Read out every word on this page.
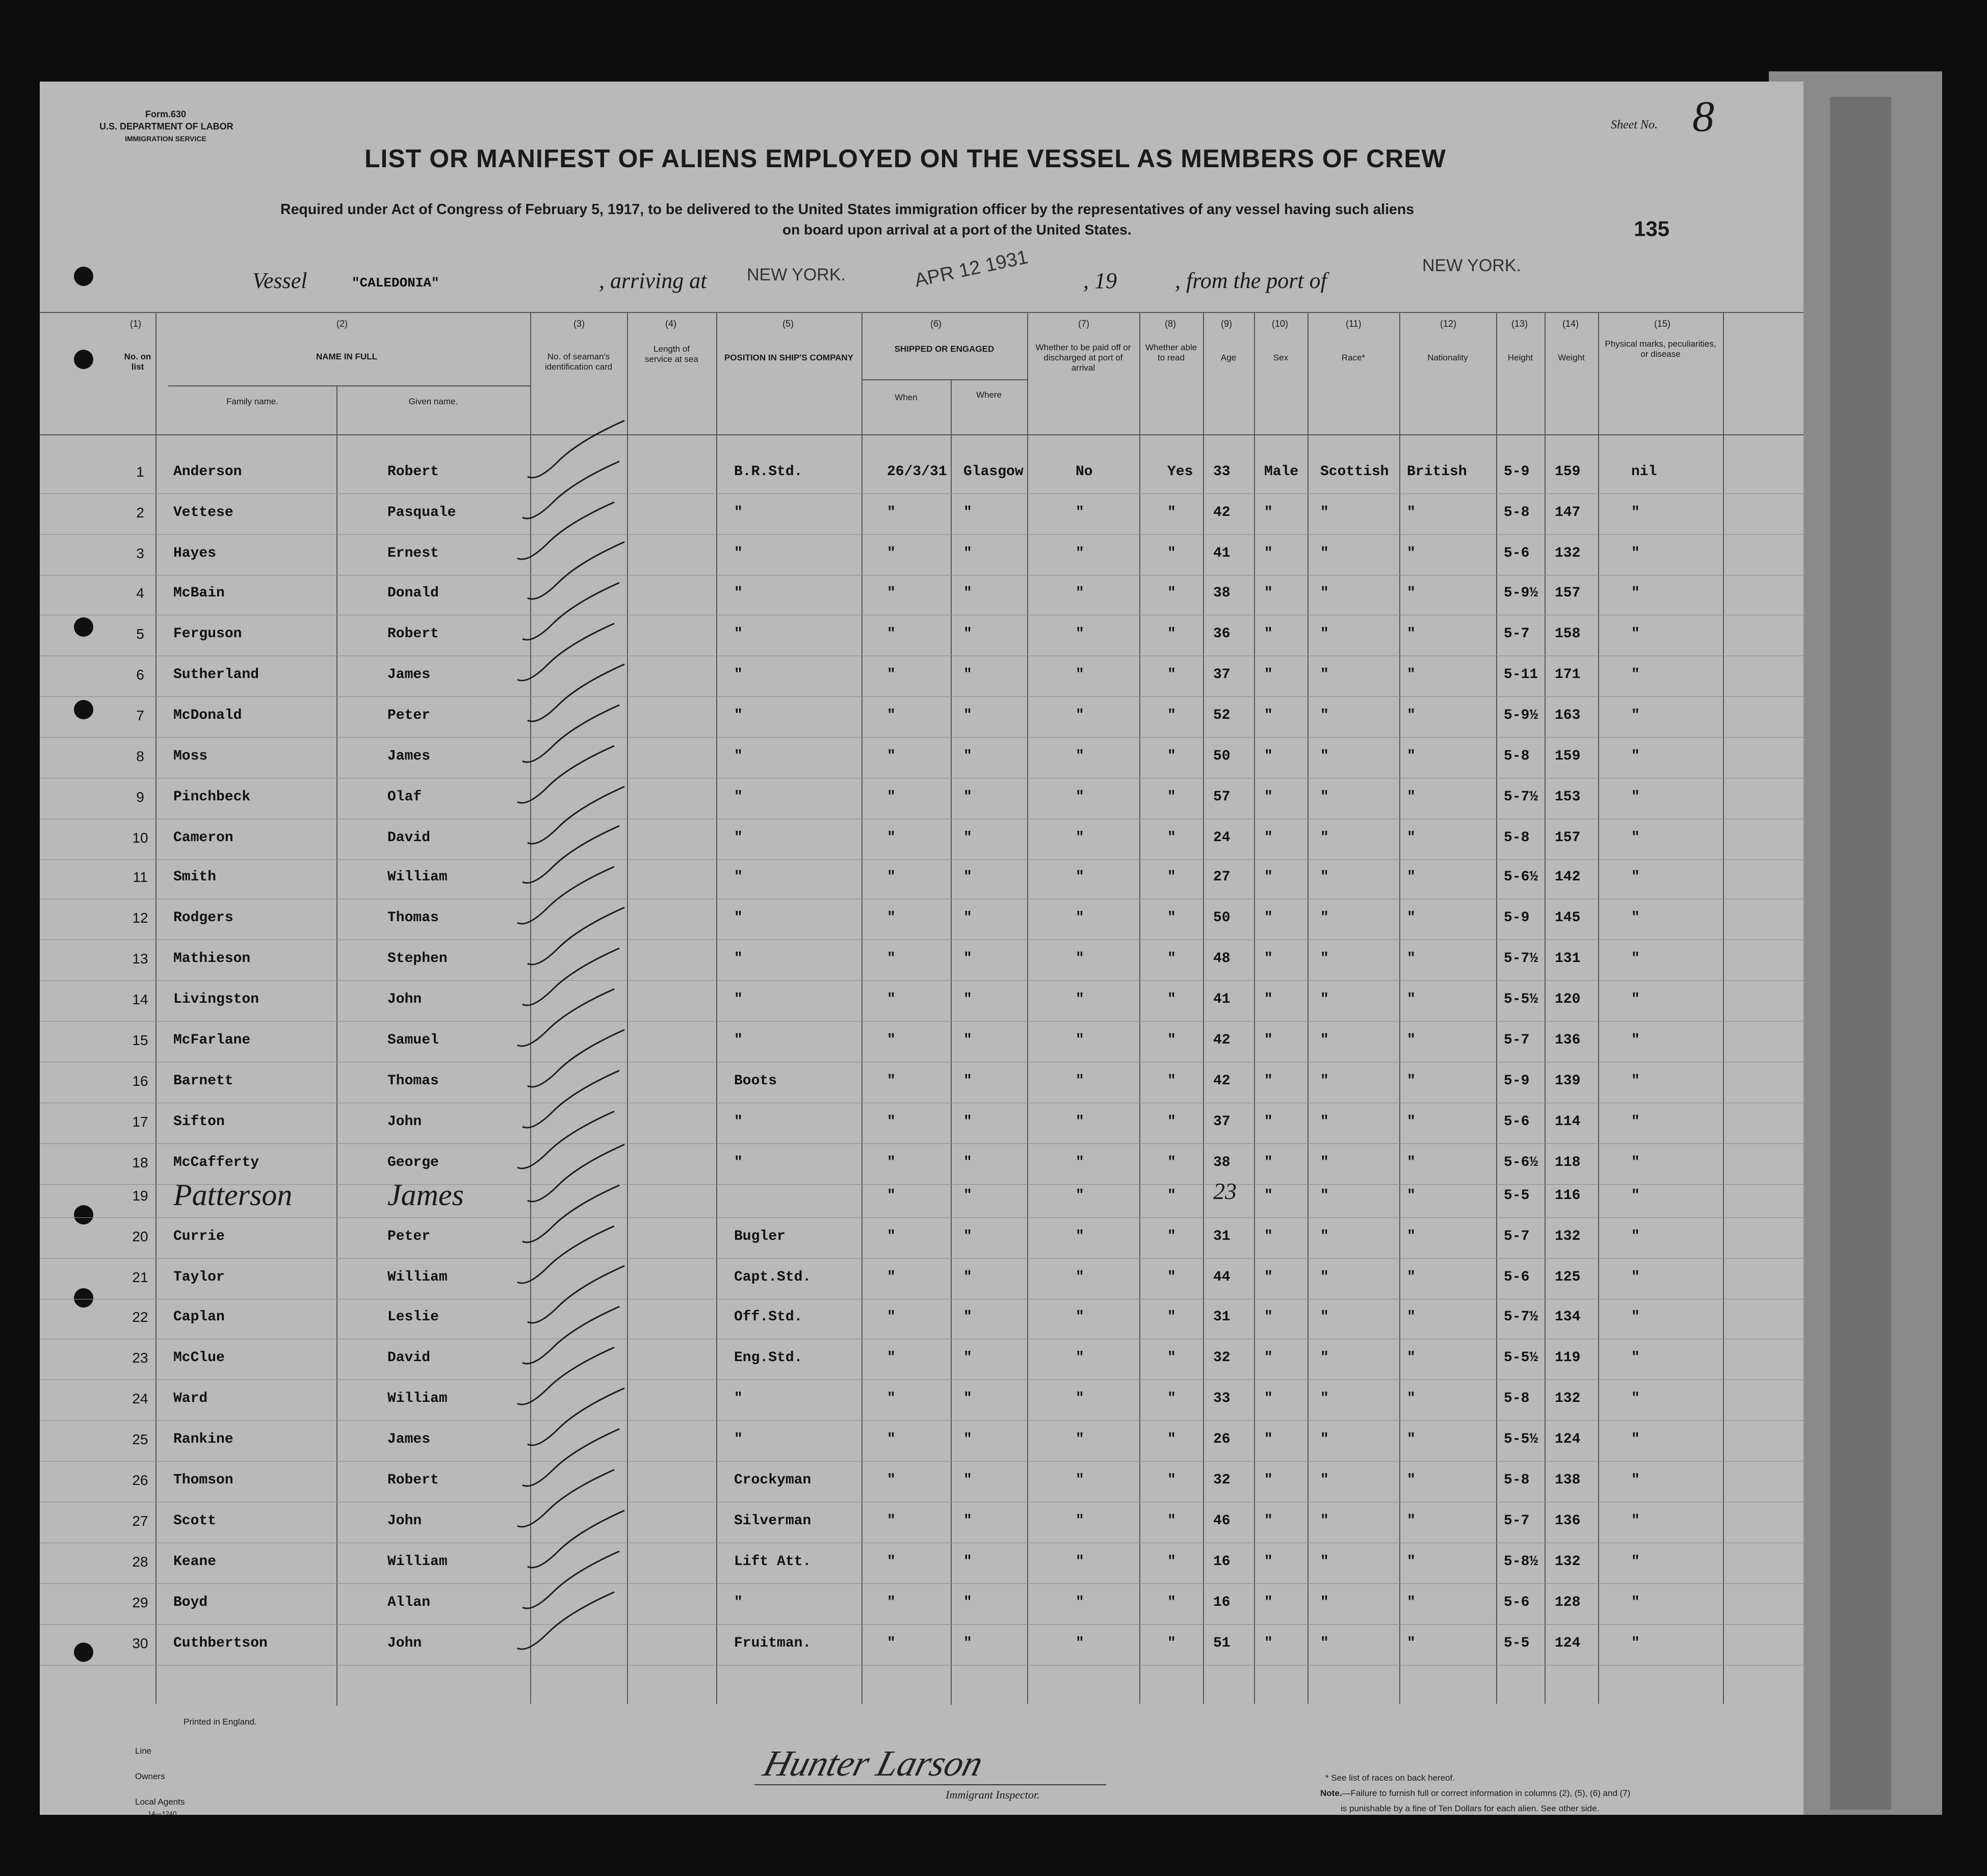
Form.630
U.S. DEPARTMENT OF LABOR
IMMIGRATION SERVICE
Sheet No. 8
LIST OR MANIFEST OF ALIENS EMPLOYED ON THE VESSEL AS MEMBERS OF CREW
Required under Act of Congress of February 5, 1917, to be delivered to the United States immigration officer by the representatives of any vessel having such aliens
on board upon arrival at a port of the United States.	135
Vessel	"CALEDONIA"	, arriving at NEW YORK.	APR 12 1931 , 19	, from the port of
NEW YORK.
(1)	(2)	(3)	(4)	(5)	(6)	(7)	(8)	(9)	(10)	(11)	(12)	(13)	(14)	(15)
No. on list
NAME IN FULL
Family name.	Given name.
No. of seaman's identification card
Length of service at sea	POSITION IN SHIP'S COMPANY
SHIPPED OR ENGAGED
When	Where
Whether to be paid off or discharged at port of arrival
Whether able to read	Age	Sex	Race*	Nationality	Height	Weight
Physical marks, peculiarities, or disease
1	Anderson	Robert	B.R.Std.	26/3/31 Glasgow	No	Yes 33 Male Scottish British	5-9 159	nil
2	Vettese	Pasquale	"	"	"	"	"	42 "	"	"	5-8 147	"
3	Hayes	Ernest	"	"	"	"	"	41 "	"	"	5-6 132	"
4	McBain	Donald	"	"	"	"	"	38 "	"	"	5-9½ 157	"
5	Ferguson	Robert	"	"	"	"	"	36 "	"	"	5-7 158	"
6	Sutherland	James	"	"	"	"	"	37 "	"	"	5-11 171	"
7	McDonald	Peter	"	"	"	"	"	52 "	"	"	5-9½ 163	"
8	Moss	James	"	"	"	"	"	50 "	"	"	5-8 159	"
9	Pinchbeck	Olaf	"	"	"	"	"	57 "	"	"	5-7½ 153	"
10	Cameron	David	"	"	"	"	"	24 "	"	"	5-8 157	"
11	Smith	William	"	"	"	"	"	27 "	"	"	5-6½ 142	"
12	Rodgers	Thomas	"	"	"	"	"	50 "	"	"	5-9 145	"
13	Mathieson	Stephen	"	"	"	"	"	48 "	"	"	5-7½ 131	"
14	Livingston	John	"	"	"	"	"	41 "	"	"	5-5½ 120	"
15	McFarlane	Samuel	"	"	"	"	"	42 "	"	"	5-7 136	"
16	Barnett	Thomas	Boots	"	"	"	"	42 "	"	"	5-9 139	"
17	Sifton	John	"	"	"	"	"	37 "	"	"	5-6 114	"
18	McCafferty	George	"	"	"	"	"	38 "	"	"	5-6½ 118	"
19 Patterson	James	"	"	"	" 23 "	"	"	5-5 116	"
20	Currie	Peter	Bugler	"	"	"	"	31 "	"	"	5-7 132	"
21	Taylor	William	Capt.Std.	"	"	"	"	44 "	"	"	5-6 125	"
22	Caplan	Leslie	Off.Std.	"	"	"	"	31 "	"	"	5-7½ 134	"
23	McClue	David	Eng.Std.	"	"	"	"	32 "	"	"	5-5½ 119	"
24	Ward	William	"	"	"	"	"	33 "	"	"	5-8 132	"
25	Rankine	James	"	"	"	"	"	26 "	"	"	5-5½ 124	"
26	Thomson	Robert	Crockyman	"	"	"	"	32 "	"	"	5-8 138	"
27	Scott	John	Silverman	"	"	"	"	46 "	"	"	5-7 136	"
28	Keane	William	Lift Att.	"	"	"	"	16 "	"	"	5-8½ 132	"
29	Boyd	Allan	"	"	"	"	"	16 "	"	"	5-6 128	"
30	Cuthbertson	John	Fruitman.	"	"	"	"	51 "	"	"	5-5 124	"
Printed in England.
Line
Owners
Local Agents
14—1240
Hunter Larson
Immigrant Inspector.
* See list of races on back hereof.
Note.—Failure to furnish full or correct information in columns (2), (5), (6) and (7)
is punishable by a fine of Ten Dollars for each alien. See other side.
